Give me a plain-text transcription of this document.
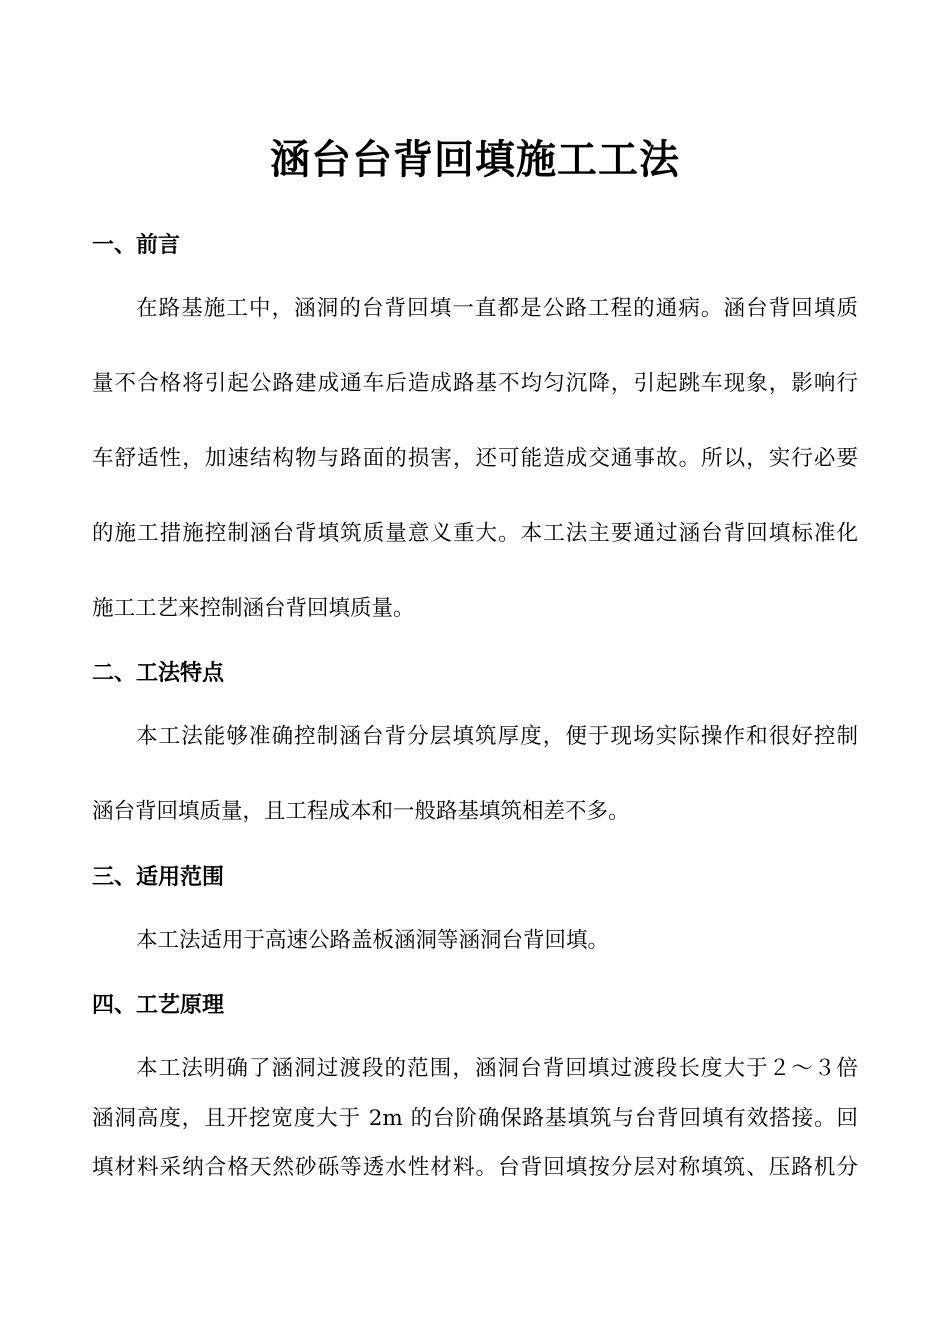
涵台台背回填施工工法
一、前言
在路基施工中，涵洞的台背回填一直都是公路工程的通病。涵台背回填质
量不合格将引起公路建成通车后造成路基不均匀沉降，引起跳车现象，影响行
车舒适性，加速结构物与路面的损害，还可能造成交通事故。所以，实行必要
的施工措施控制涵台背填筑质量意义重大。本工法主要通过涵台背回填标准化
施工工艺来控制涵台背回填质量。
二、工法特点
本工法能够准确控制涵台背分层填筑厚度，便于现场实际操作和很好控制
涵台背回填质量，且工程成本和一般路基填筑相差不多。
三、适用范围
本工法适用于高速公路盖板涵洞等涵洞台背回填。
四、工艺原理
本工法明确了涵洞过渡段的范围，涵洞台背回填过渡段长度大于２～３倍
涵洞高度，且开挖宽度大于 2m 的台阶确保路基填筑与台背回填有效搭接。回
填材料采纳合格天然砂砾等透水性材料。台背回填按分层对称填筑、压路机分
